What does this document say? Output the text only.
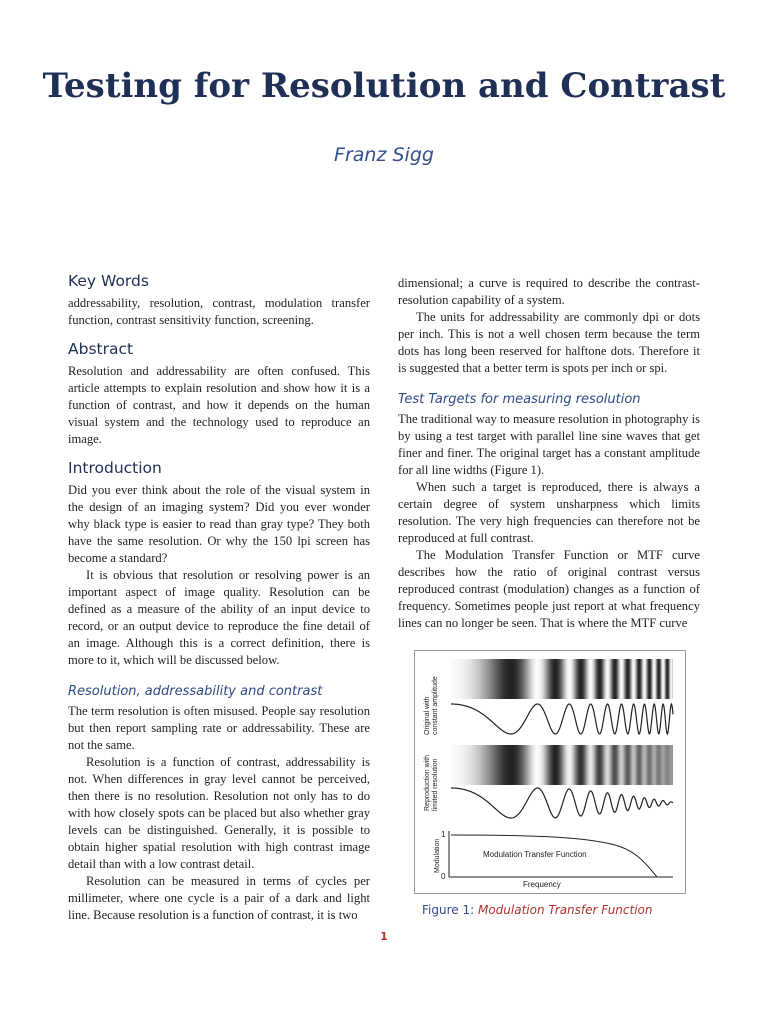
Testing for Resolution and Contrast
Franz Sigg
Key Words

addressability, resolution, contrast, modulation transfer function, contrast sensitivity function, screening.

Abstract

Resolution and addressability are often confused. This article attempts to explain resolution and show how it is a function of contrast, and how it depends on the human visual system and the technology used to reproduce an image.

Introduction

Did you ever think about the role of the visual system in the design of an imaging system? Did you ever wonder why black type is easier to read than gray type? They both have the same resolution. Or why the 150 lpi screen has become a standard?

It is obvious that resolution or resolving power is an important aspect of image quality. Resolution can be defined as a measure of the ability of an input device to record, or an output device to reproduce the fine detail of an image. Although this is a correct definition, there is more to it, which will be discussed below.

Resolution, addressability and contrast

The term resolution is often misused. People say resolution but then report sampling rate or addressability. These are not the same.

Resolution is a function of contrast, addressability is not. When differences in gray level cannot be perceived, then there is no resolution. Resolution not only has to do with how closely spots can be placed but also whether gray levels can be distinguished. Generally, it is possible to obtain higher spatial resolution with high contrast image detail than with a low contrast detail.

Resolution can be measured in terms of cycles per millimeter, where one cycle is a pair of a dark and light line. Because resolution is a function of contrast, it is two

dimensional; a curve is required to describe the contrast-resolution capability of a system.

The units for addressability are commonly dpi or dots per inch. This is not a well chosen term because the term dots has long been reserved for halftone dots. Therefore it is suggested that a better term is spots per inch or spi.

Test Targets for measuring resolution

The traditional way to measure resolution in photography is by using a test target with parallel line sine waves that get finer and finer. The original target has a constant amplitude for all line widths (Figure 1).

When such a target is reproduced, there is always a certain degree of system unsharpness which limits resolution. The very high frequencies can therefore not be reproduced at full contrast.

The Modulation Transfer Function or MTF curve describes how the ratio of original contrast versus reproduced contrast (modulation) changes as a function of frequency. Sometimes people just report at what frequency lines can no longer be seen. That is where the MTF curve

Original with constant amplitude
Reproduction with limited resolution
Modulation
1
0
Modulation Transfer Function
Frequency
Figure 1: Modulation Transfer Function
1
